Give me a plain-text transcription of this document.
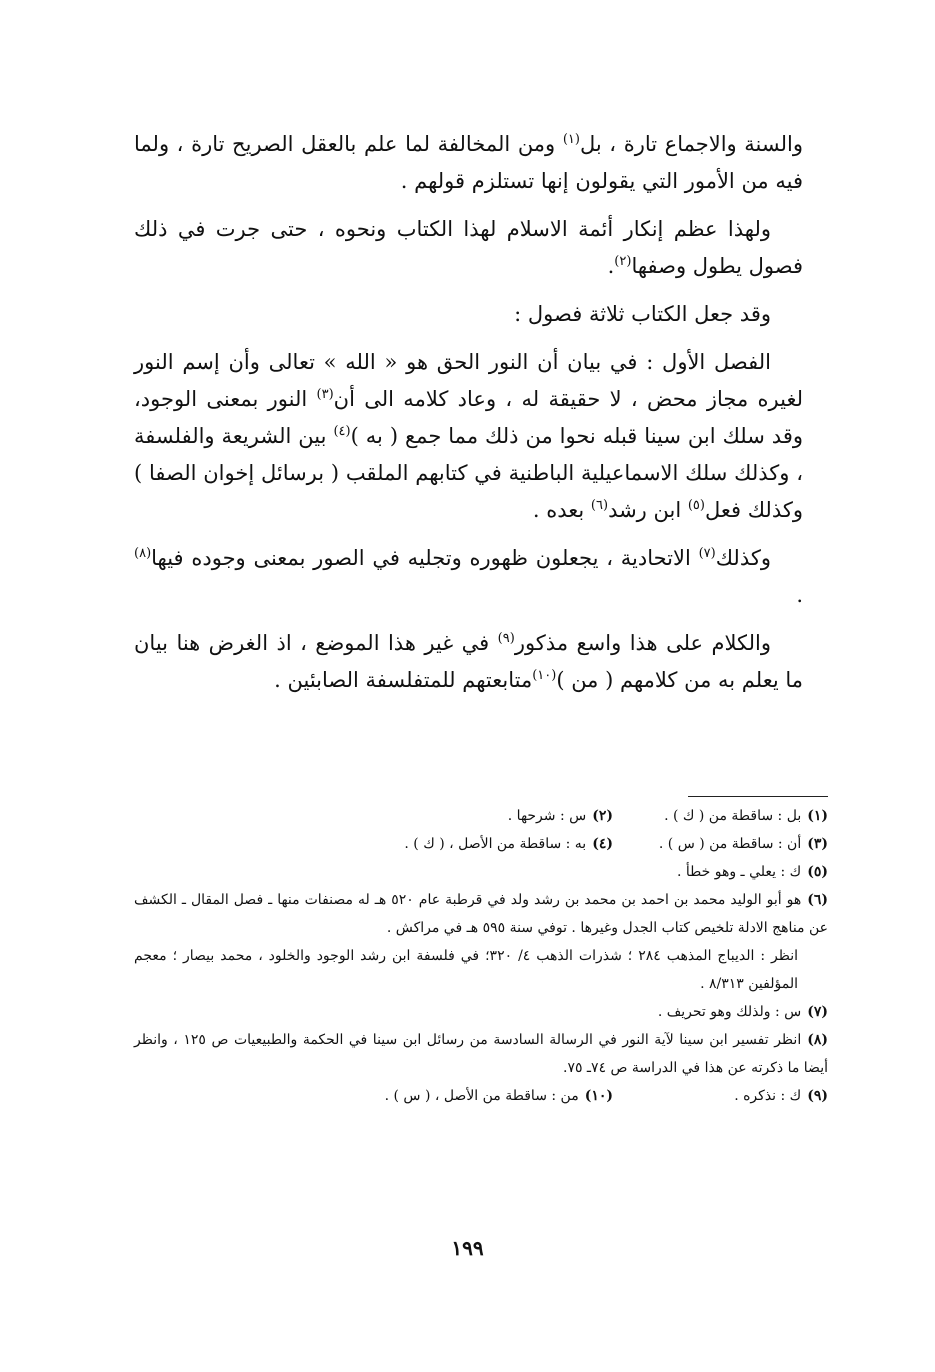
والسنة والاجماع تارة ، بل$^{(١)}$ ومن المخالفة لما علم بالعقل الصريح تارة ، ولما فيه من الأمور التي يقولون إنها تستلزم قولهم .

ولهذا عظم إنكار أئمة الاسلام لهذا الكتاب ونحوه ، حتى جرت في ذلك فصول يطول وصفها$^{(٢)}$.

وقد جعل الكتاب ثلاثة فصول :

الفصل الأول : في بيان أن النور الحق هو « الله » تعالى وأن إسم النور لغيره مجاز محض ، لا حقيقة له ، وعاد كلامه الى أن$^{(٣)}$ النور بمعنى الوجود، وقد سلك ابن سينا قبله نحوا من ذلك مما جمع ( به )$^{(٤)}$ بين الشريعة والفلسفة ، وكذلك سلك الاسماعيلية الباطنية في كتابهم الملقب ( برسائل إخوان الصفا ) وكذلك فعل$^{(٥)}$ ابن رشد$^{(٦)}$ بعده .

وكذلك$^{(٧)}$ الاتحادية ، يجعلون ظهوره وتجليه في الصور بمعنى وجوده فيها$^{(٨)}$ .

والكلام على هذا واسع مذكور$^{(٩)}$ في غير هذا الموضع ، اذ الغرض هنا بيان ما يعلم به من كلامهم ( من )$^{(١٠)}$متابعتهم للمتفلسفة الصابئين .

(١)بل : ساقطة من ( ك ) .
(٢)س : شرحها .
(٣)أن : ساقطة من ( س ) .
(٤)به : ساقطة من الأصل ، ( ك ) .

(٥)ك : يعلي ـ وهو خطأ .

(٦)هو أبو الوليد محمد بن احمد بن محمد بن رشد ولد في قرطبة عام ٥٢٠ هـ له مصنفات منها ـ فصل المقال ـ الكشف عن مناهج الادلة تلخيص كتاب الجدل وغيرها . توفي سنة ٥٩٥ هـ في مراكش .

انظر : الديباج المذهب ٢٨٤ ؛ شذرات الذهب ٤/ ٣٢٠؛ في فلسفة ابن رشد الوجود والخلود ، محمد بيصار ؛ معجم المؤلفين ٨/٣١٣ .

(٧)س : ولذلك وهو تحريف .

(٨)انظر تفسير ابن سينا لآية النور في الرسالة السادسة من رسائل ابن سينا في الحكمة والطبيعيات ص ١٢٥ ، وانظر أيضا ما ذكرته عن هذا في الدراسة ص ٧٤ـ ٧٥.

(٩)ك : نذكره .
(١٠)من : ساقطة من الأصل ، ( س ) .
١٩٩
